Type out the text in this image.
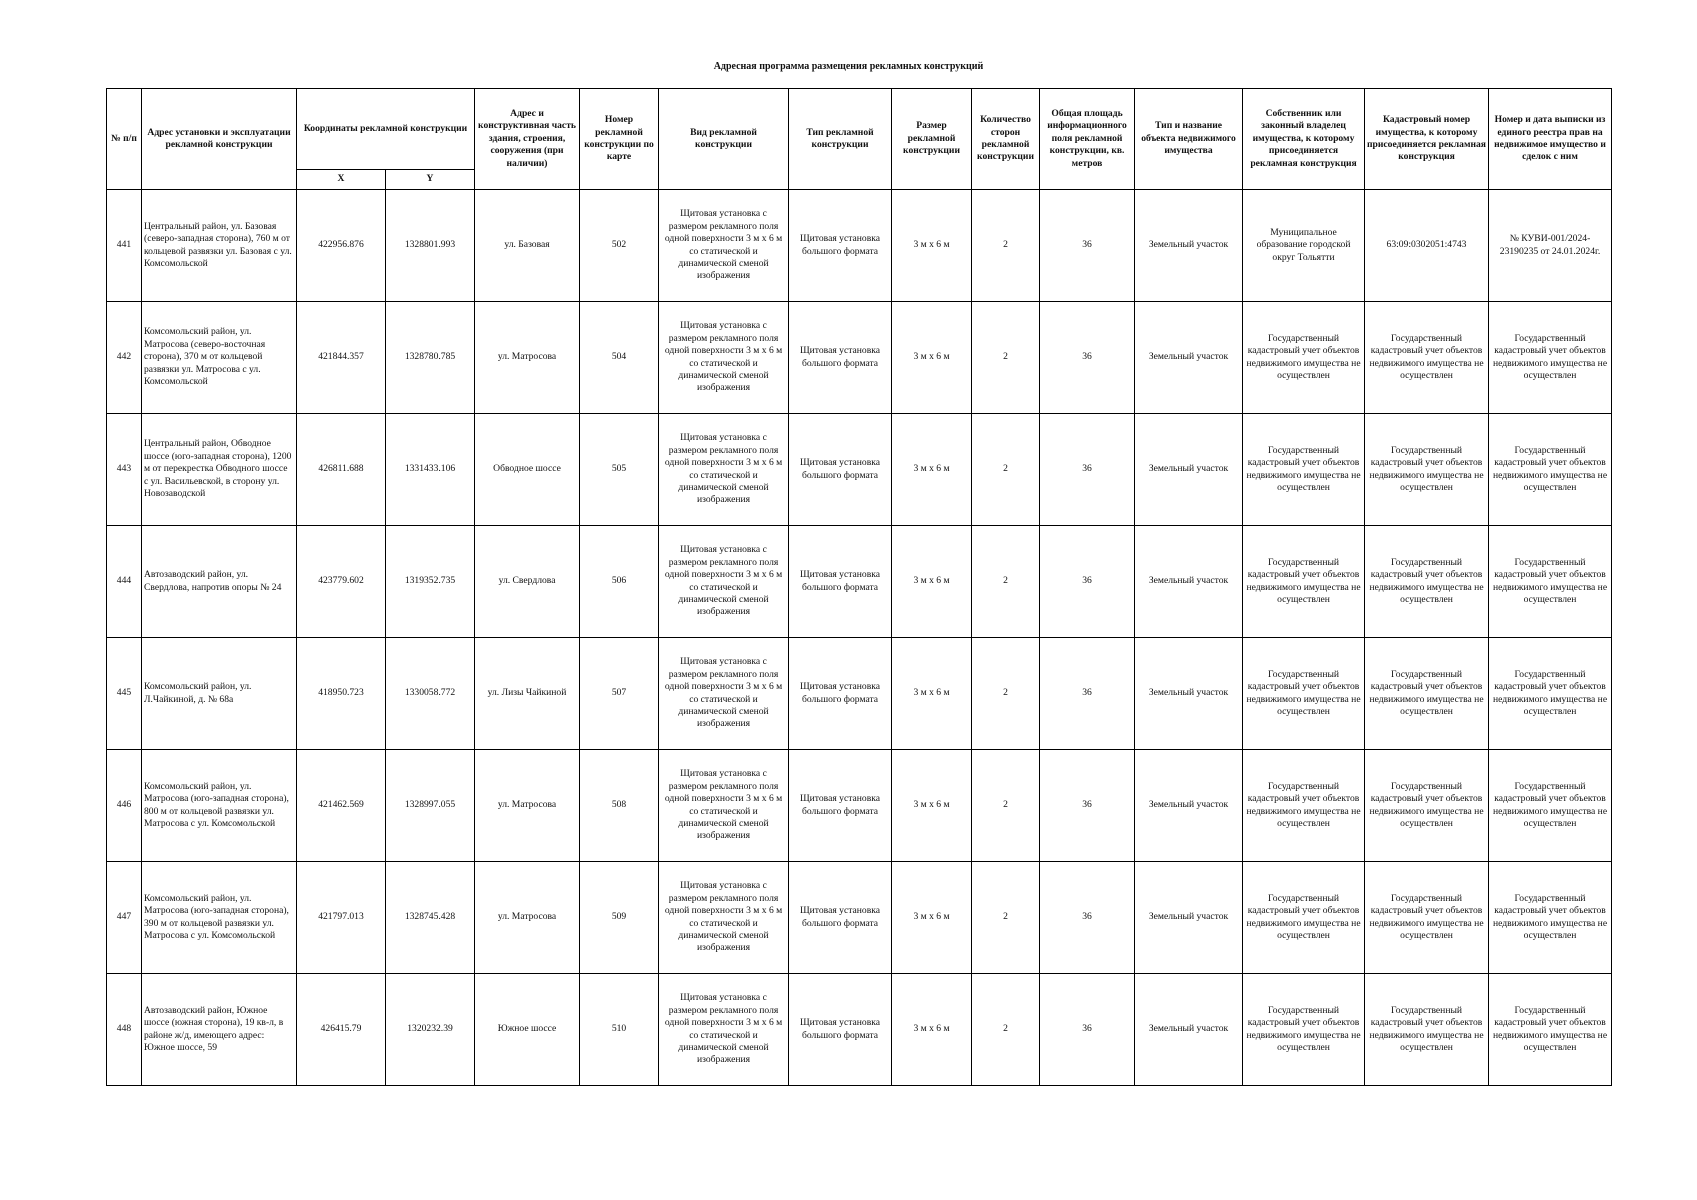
Адресная программа размещения рекламных конструкций
№ п/п	Адрес установки и эксплуатации рекламной конструкции	Координаты рекламной конструкции		Адрес и конструктивная часть здания, строения, сооружения (при наличии)	Номер рекламной конструкции по карте	Вид рекламной конструкции	Тип рекламной конструкции	Размер рекламной конструкции	Количество сторон рекламной конструкции	Общая площадь информационного поля рекламной конструкции, кв. метров	Тип и название объекта недвижимого имущества	Собственник или законный владелец имущества, к которому присоединяется рекламная конструкция	Кадастровый номер имущества, к которому присоединяется рекламная конструкция	Номер и дата выписки из единого реестра прав на недвижимое имущество и сделок с ним
		X	Y											
441	Центральный район, ул. Базовая (северо-западная сторона), 760 м от кольцевой развязки ул. Базовая с ул. Комсомольской	422956.876	1328801.993	ул. Базовая	502	Щитовая установка с размером рекламного поля одной поверхности 3 м х 6 м со статической и динамической сменой изображения	Щитовая установка большого формата	3 м х 6 м	2	36	Земельный участок	Муниципальное образование городской округ Тольятти	63:09:0302051:4743	№ КУВИ-001/2024-23190235 от 24.01.2024г.
442	Комсомольский район, ул. Матросова (северо-восточная сторона), 370 м от кольцевой развязки ул. Матросова с ул. Комсомольской	421844.357	1328780.785	ул. Матросова	504	Щитовая установка с размером рекламного поля одной поверхности 3 м х 6 м со статической и динамической сменой изображения	Щитовая установка большого формата	3 м х 6 м	2	36	Земельный участок	Государственный кадастровый учет объектов недвижимого имущества не осуществлен	Государственный кадастровый учет объектов недвижимого имущества не осуществлен	Государственный кадастровый учет объектов недвижимого имущества не осуществлен
443	Центральный район, Обводное шоссе (юго-западная сторона), 1200 м от перекрестка Обводного шоссе с ул. Васильевской, в сторону ул. Новозаводской	426811.688	1331433.106	Обводное шоссе	505	Щитовая установка с размером рекламного поля одной поверхности 3 м х 6 м со статической и динамической сменой изображения	Щитовая установка большого формата	3 м х 6 м	2	36	Земельный участок	Государственный кадастровый учет объектов недвижимого имущества не осуществлен	Государственный кадастровый учет объектов недвижимого имущества не осуществлен	Государственный кадастровый учет объектов недвижимого имущества не осуществлен
444	Автозаводский район, ул. Свердлова, напротив опоры № 24	423779.602	1319352.735	ул. Свердлова	506	Щитовая установка с размером рекламного поля одной поверхности 3 м х 6 м со статической и динамической сменой изображения	Щитовая установка большого формата	3 м х 6 м	2	36	Земельный участок	Государственный кадастровый учет объектов недвижимого имущества не осуществлен	Государственный кадастровый учет объектов недвижимого имущества не осуществлен	Государственный кадастровый учет объектов недвижимого имущества не осуществлен
445	Комсомольский район, ул. Л.Чайкиной, д. № 68а	418950.723	1330058.772	ул. Лизы Чайкиной	507	Щитовая установка с размером рекламного поля одной поверхности 3 м х 6 м со статической и динамической сменой изображения	Щитовая установка большого формата	3 м х 6 м	2	36	Земельный участок	Государственный кадастровый учет объектов недвижимого имущества не осуществлен	Государственный кадастровый учет объектов недвижимого имущества не осуществлен	Государственный кадастровый учет объектов недвижимого имущества не осуществлен
446	Комсомольский район, ул. Матросова (юго-западная сторона), 800 м от кольцевой развязки ул. Матросова с ул. Комсомольской	421462.569	1328997.055	ул. Матросова	508	Щитовая установка с размером рекламного поля одной поверхности 3 м х 6 м со статической и динамической сменой изображения	Щитовая установка большого формата	3 м х 6 м	2	36	Земельный участок	Государственный кадастровый учет объектов недвижимого имущества не осуществлен	Государственный кадастровый учет объектов недвижимого имущества не осуществлен	Государственный кадастровый учет объектов недвижимого имущества не осуществлен
447	Комсомольский район, ул. Матросова (юго-западная сторона), 390 м от кольцевой развязки ул. Матросова с ул. Комсомольской	421797.013	1328745.428	ул. Матросова	509	Щитовая установка с размером рекламного поля одной поверхности 3 м х 6 м со статической и динамической сменой изображения	Щитовая установка большого формата	3 м х 6 м	2	36	Земельный участок	Государственный кадастровый учет объектов недвижимого имущества не осуществлен	Государственный кадастровый учет объектов недвижимого имущества не осуществлен	Государственный кадастровый учет объектов недвижимого имущества не осуществлен
448	Автозаводский район, Южное шоссе (южная сторона), 19 кв-л, в районе ж/д, имеющего адрес: Южное шоссе, 59	426415.79	1320232.39	Южное шоссе	510	Щитовая установка с размером рекламного поля одной поверхности 3 м х 6 м со статической и динамической сменой изображения	Щитовая установка большого формата	3 м х 6 м	2	36	Земельный участок	Государственный кадастровый учет объектов недвижимого имущества не осуществлен	Государственный кадастровый учет объектов недвижимого имущества не осуществлен	Государственный кадастровый учет объектов недвижимого имущества не осуществлен
